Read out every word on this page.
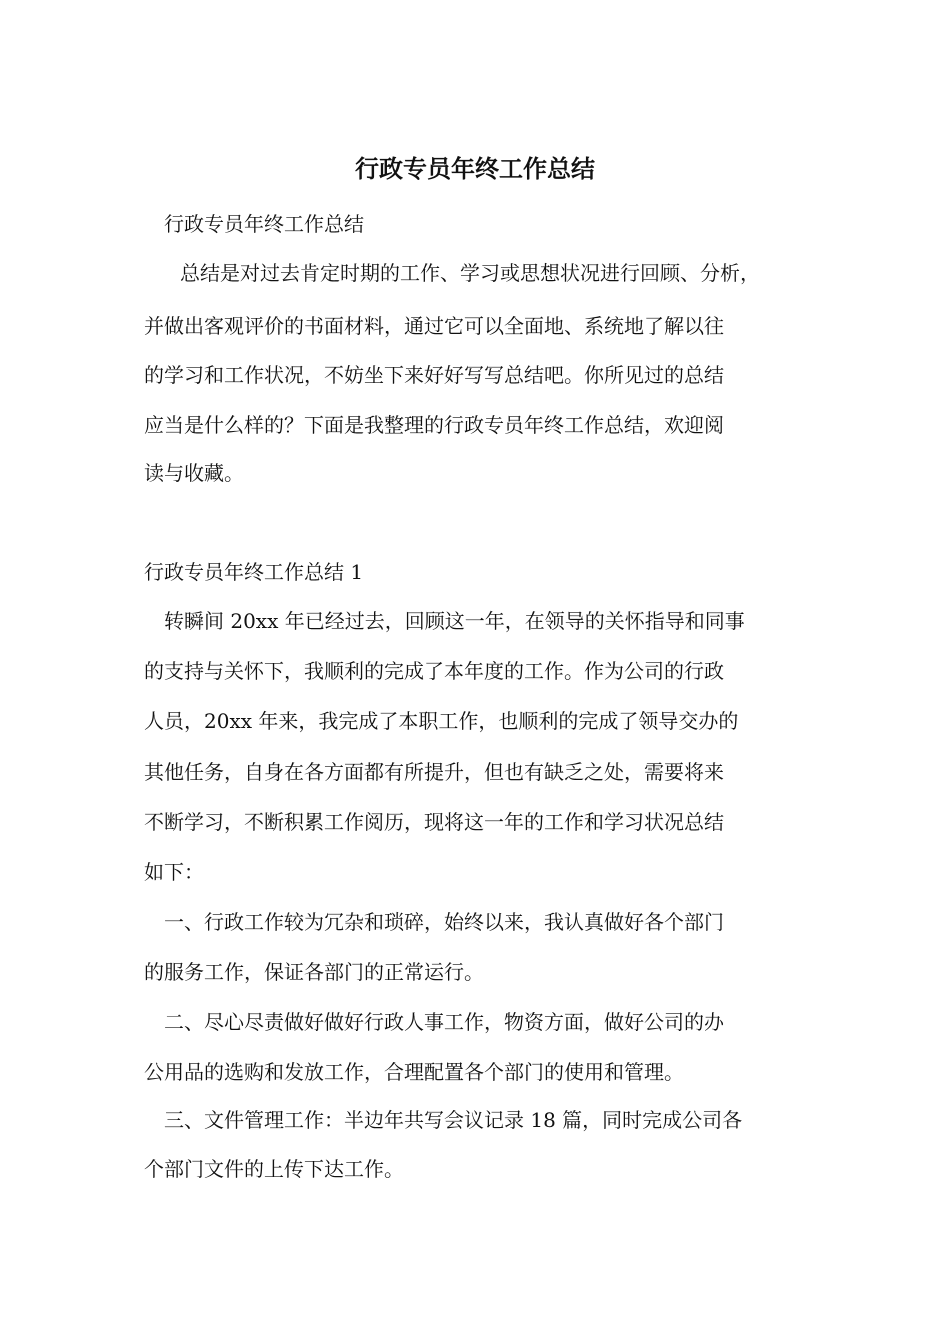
行政专员年终工作总结

行政专员年终工作总结

总结是对过去肯定时期的工作、学习或思想状况进行回顾、分析，

并做出客观评价的书面材料，通过它可以全面地、系统地了解以往

的学习和工作状况，不妨坐下来好好写写总结吧。你所见过的总结

应当是什么样的？下面是我整理的行政专员年终工作总结，欢迎阅

读与收藏。

行政专员年终工作总结 1

转瞬间 20xx 年已经过去，回顾这一年，在领导的关怀指导和同事

的支持与关怀下，我顺利的完成了本年度的工作。作为公司的行政

人员，20xx 年来，我完成了本职工作，也顺利的完成了领导交办的

其他任务，自身在各方面都有所提升，但也有缺乏之处，需要将来

不断学习，不断积累工作阅历，现将这一年的工作和学习状况总结

如下：

一、行政工作较为冗杂和琐碎，始终以来，我认真做好各个部门

的服务工作，保证各部门的正常运行。

二、尽心尽责做好做好行政人事工作，物资方面，做好公司的办

公用品的选购和发放工作，合理配置各个部门的使用和管理。

三、文件管理工作：半边年共写会议记录 18 篇，同时完成公司各

个部门文件的上传下达工作。
